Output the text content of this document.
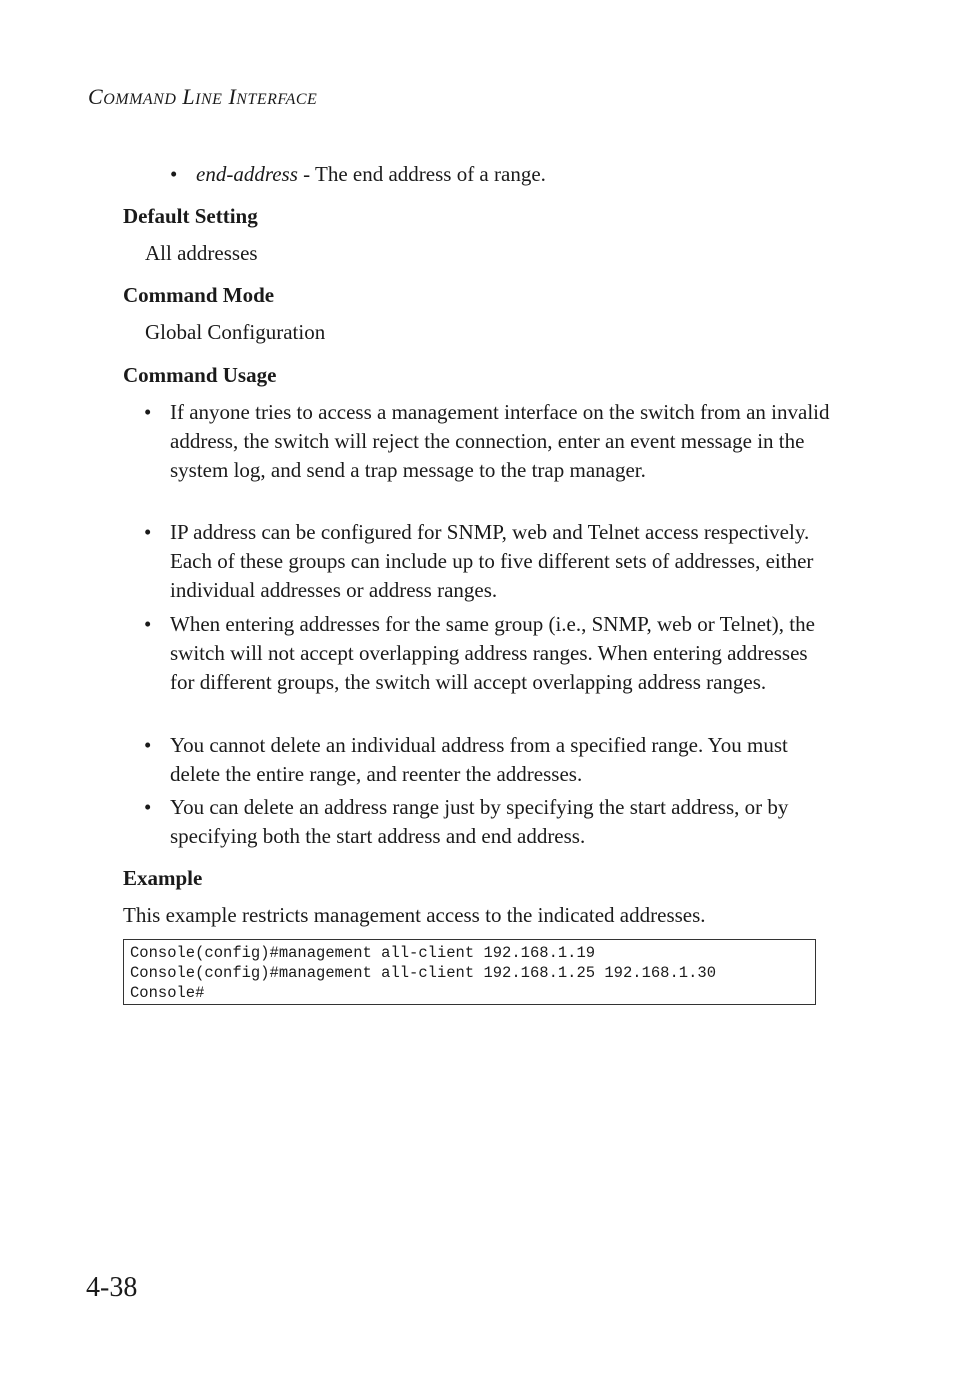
COMMAND LINE INTERFACE
• end-address - The end address of a range.
Default Setting
All addresses
Command Mode
Global Configuration
Command Usage
• If anyone tries to access a management interface on the switch from an invalid address, the switch will reject the connection, enter an event message in the system log, and send a trap message to the trap manager.
• IP address can be configured for SNMP, web and Telnet access respectively. Each of these groups can include up to five different sets of addresses, either individual addresses or address ranges.
• When entering addresses for the same group (i.e., SNMP, web or Telnet), the switch will not accept overlapping address ranges. When entering addresses for different groups, the switch will accept overlapping address ranges.
• You cannot delete an individual address from a specified range. You must delete the entire range, and reenter the addresses.
• You can delete an address range just by specifying the start address, or by specifying both the start address and end address.
Example
This example restricts management access to the indicated addresses.
Console(config)#management all-client 192.168.1.19
Console(config)#management all-client 192.168.1.25 192.168.1.30
Console#
4-38
